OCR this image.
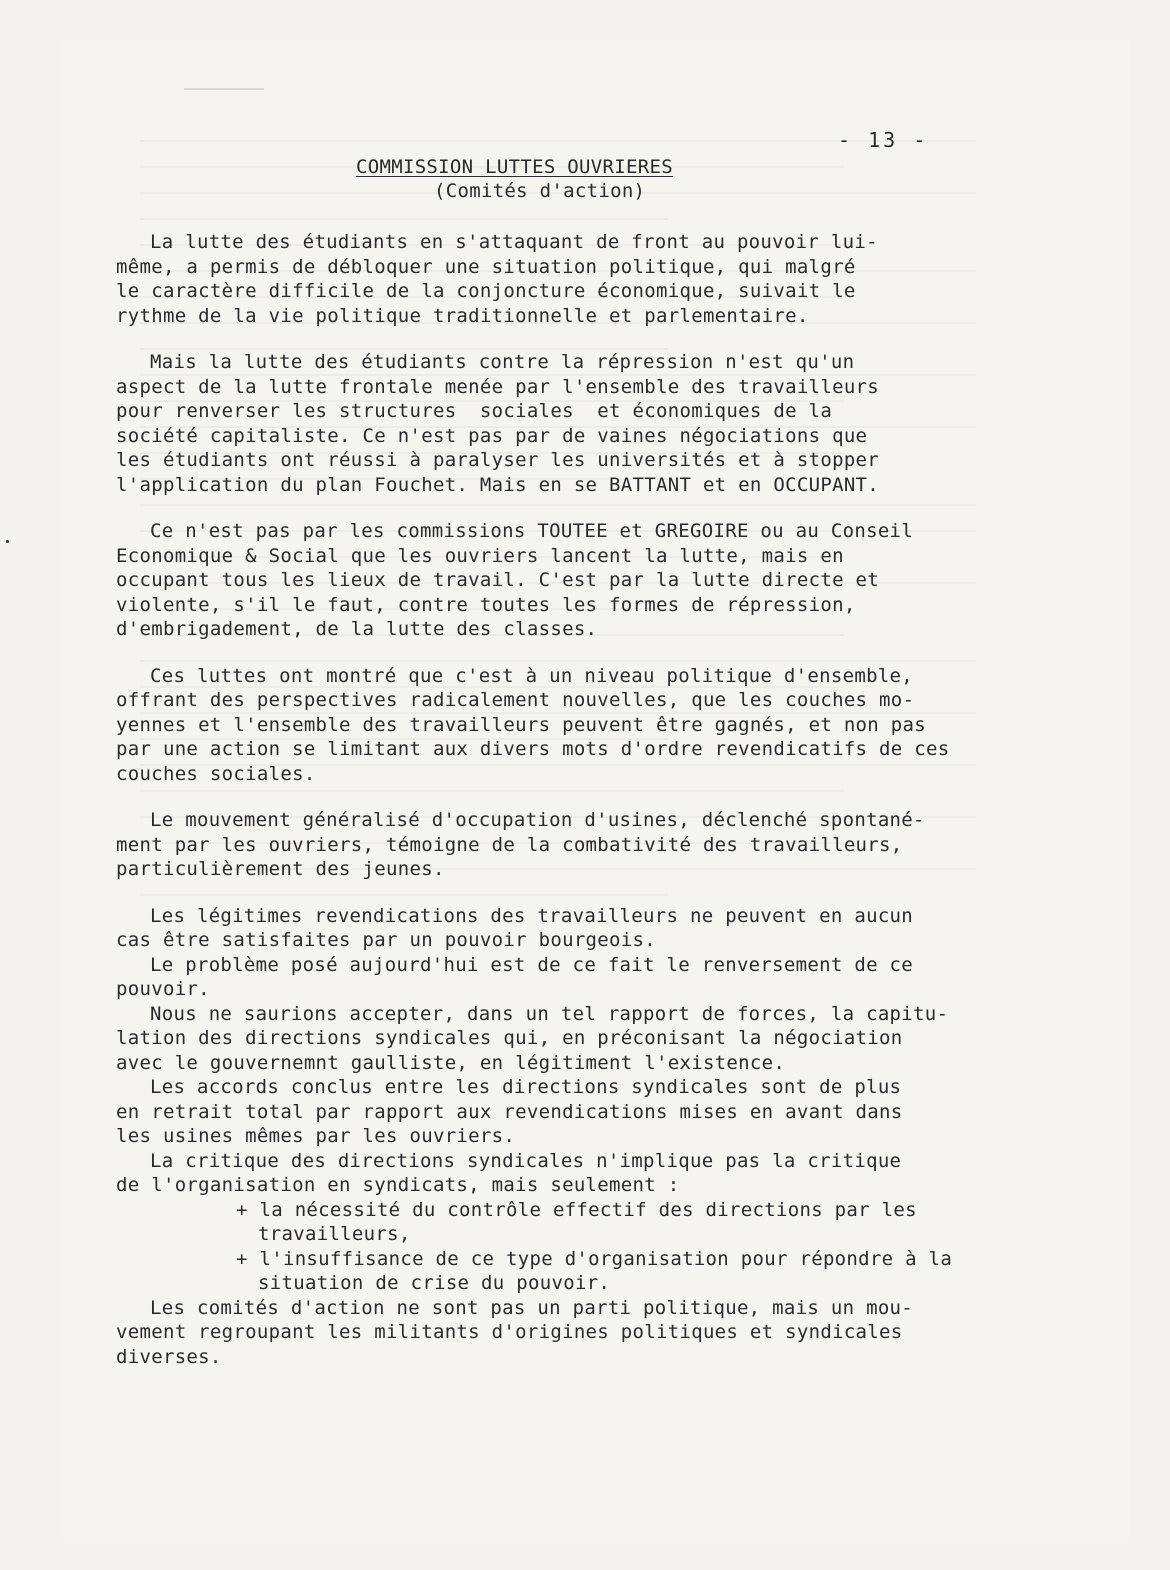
- 13 -
COMMISSION LUTTES OUVRIERES
(Comités d'action)
La lutte des étudiants en s'attaquant de front au pouvoir lui-
même, a permis de débloquer une situation politique, qui malgré
le caractère difficile de la conjoncture économique, suivait le
rythme de la vie politique traditionnelle et parlementaire.
Mais la lutte des étudiants contre la répression n'est qu'un
aspect de la lutte frontale menée par l'ensemble des travailleurs
pour renverser les structures  sociales  et économiques de la
société capitaliste. Ce n'est pas par de vaines négociations que
les étudiants ont réussi à paralyser les universités et à stopper
l'application du plan Fouchet. Mais en se BATTANT et en OCCUPANT.
Ce n'est pas par les commissions TOUTEE et GREGOIRE ou au Conseil
Economique & Social que les ouvriers lancent la lutte, mais en
occupant tous les lieux de travail. C'est par la lutte directe et
violente, s'il le faut, contre toutes les formes de répression,
d'embrigadement, de la lutte des classes.
Ces luttes ont montré que c'est à un niveau politique d'ensemble,
offrant des perspectives radicalement nouvelles, que les couches mo-
yennes et l'ensemble des travailleurs peuvent être gagnés, et non pas
par une action se limitant aux divers mots d'ordre revendicatifs de ces
couches sociales.
Le mouvement généralisé d'occupation d'usines, déclenché spontané-
ment par les ouvriers, témoigne de la combativité des travailleurs,
particulièrement des jeunes.
Les légitimes revendications des travailleurs ne peuvent en aucun
cas être satisfaites par un pouvoir bourgeois.
Le problème posé aujourd'hui est de ce fait le renversement de ce
pouvoir.
Nous ne saurions accepter, dans un tel rapport de forces, la capitu-
lation des directions syndicales qui, en préconisant la négociation
avec le gouvernemnt gaulliste, en légitiment l'existence.
Les accords conclus entre les directions syndicales sont de plus
en retrait total par rapport aux revendications mises en avant dans
les usines mêmes par les ouvriers.
La critique des directions syndicales n'implique pas la critique
de l'organisation en syndicats, mais seulement :
+ la nécessité du contrôle effectif des directions par les
travailleurs,
+ l'insuffisance de ce type d'organisation pour répondre à la
situation de crise du pouvoir.
Les comités d'action ne sont pas un parti politique, mais un mou-
vement regroupant les militants d'origines politiques et syndicales
diverses.
